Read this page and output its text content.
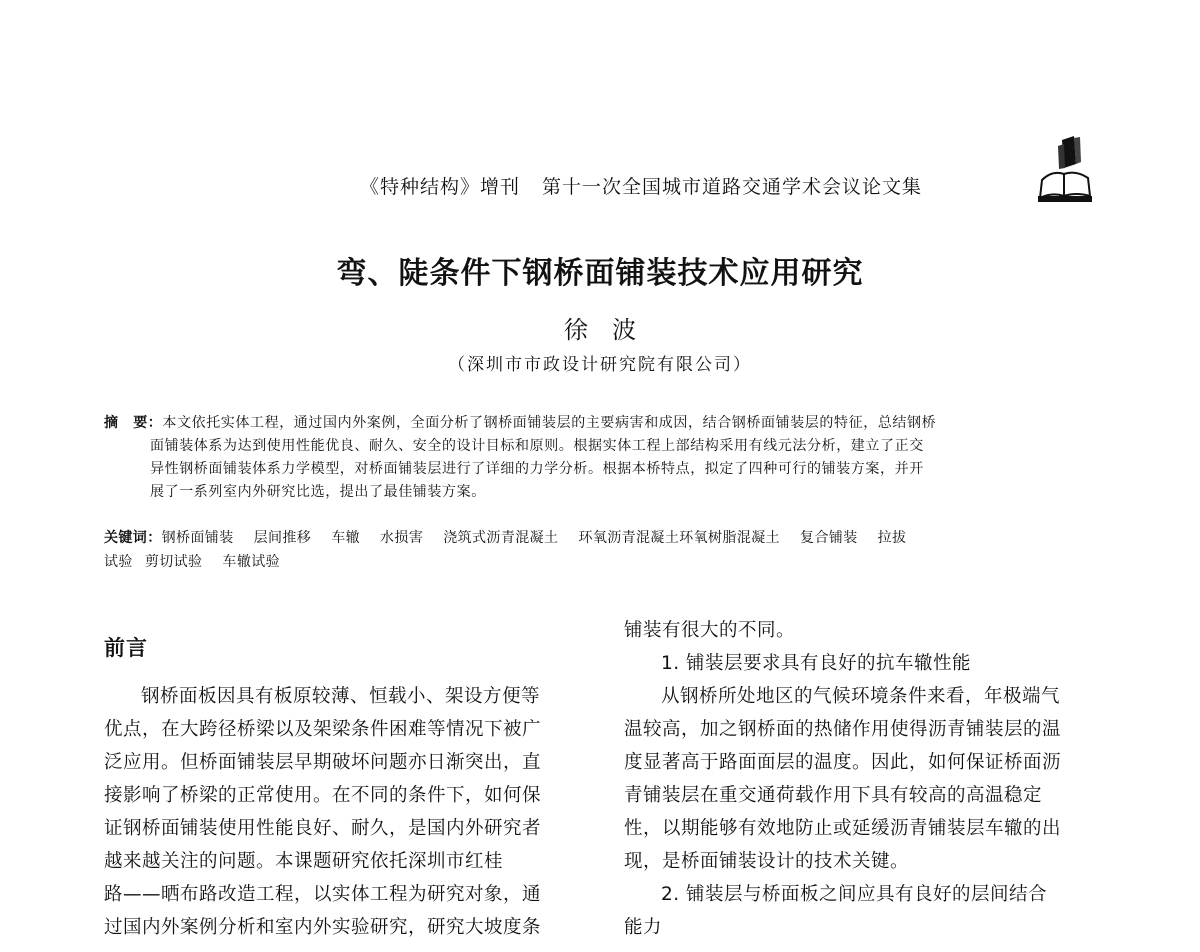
《特种结构》增刊 第十一次全国城市道路交通学术会议论文集
弯、陡条件下钢桥面铺装技术应用研究
徐波
（深圳市市政设计研究院有限公司）
摘　要：本文依托实体工程，通过国内外案例，全面分析了钢桥面铺装层的主要病害和成因，结合钢桥面铺装层的特征，总结钢桥
面铺装体系为达到使用性能优良、耐久、安全的设计目标和原则。根据实体工程上部结构采用有线元法分析，建立了正交
异性钢桥面铺装体系力学模型，对桥面铺装层进行了详细的力学分析。根据本桥特点，拟定了四种可行的铺装方案，并开
展了一系列室内外研究比选，提出了最佳铺装方案。
关键词：钢桥面铺装 层间推移 车辙 水损害 浇筑式沥青混凝土 环氧沥青混凝土环氧树脂混凝土 复合铺装 拉拔
试验 剪切试验 车辙试验
前言

钢桥面板因具有板原较薄、恒载小、架设方便等

优点，在大跨径桥梁以及架梁条件困难等情况下被广

泛应用。但桥面铺装层早期破坏问题亦日渐突出，直

接影响了桥梁的正常使用。在不同的条件下，如何保

证钢桥面铺装使用性能良好、耐久，是国内外研究者

越来越关注的问题。本课题研究依托深圳市红桂

路——晒布路改造工程，以实体工程为研究对象，通

过国内外案例分析和室内外实验研究，研究大坡度条

铺装有很大的不同。

1. 铺装层要求具有良好的抗车辙性能

从钢桥所处地区的气候环境条件来看，年极端气

温较高，加之钢桥面的热储作用使得沥青铺装层的温

度显著高于路面面层的温度。因此，如何保证桥面沥

青铺装层在重交通荷载作用下具有较高的高温稳定

性，以期能够有效地防止或延缓沥青铺装层车辙的出

现，是桥面铺装设计的技术关键。

2. 铺装层与桥面板之间应具有良好的层间结合

能力
